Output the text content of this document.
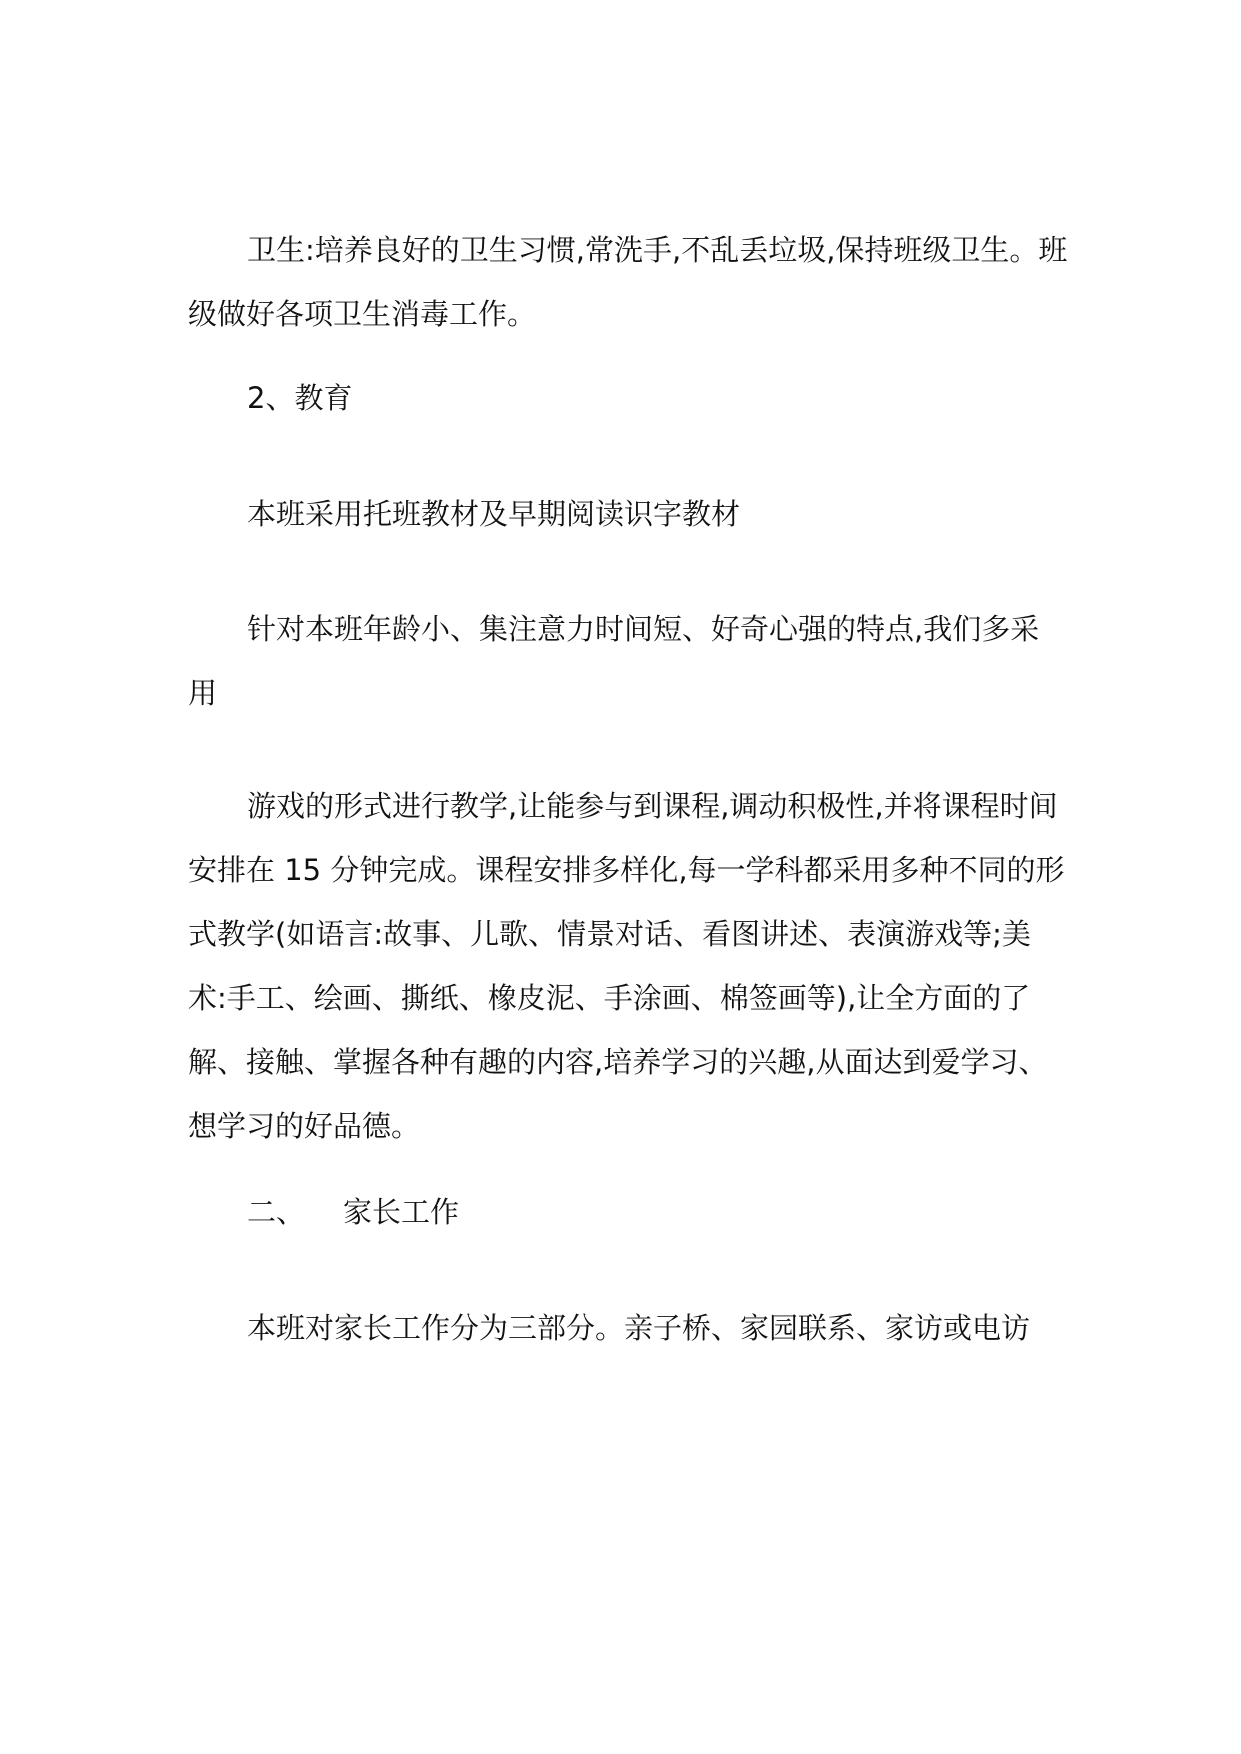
卫生:培养良好的卫生习惯,常洗手,不乱丢垃圾,保持班级卫生。班级做好各项卫生消毒工作。

2、教育

本班采用托班教材及早期阅读识字教材

针对本班年龄小、集注意力时间短、好奇心强的特点,我们多采用

游戏的形式进行教学,让能参与到课程,调动积极性,并将课程时间安排在 15 分钟完成。课程安排多样化,每一学科都采用多种不同的形式教学(如语言:故事、儿歌、情景对话、看图讲述、表演游戏等;美术:手工、绘画、撕纸、橡皮泥、手涂画、棉签画等),让全方面的了解、接触、掌握各种有趣的内容,培养学习的兴趣,从面达到爱学习、想学习的好品德。

二、 家长工作

本班对家长工作分为三部分。亲子桥、家园联系、家访或电访
